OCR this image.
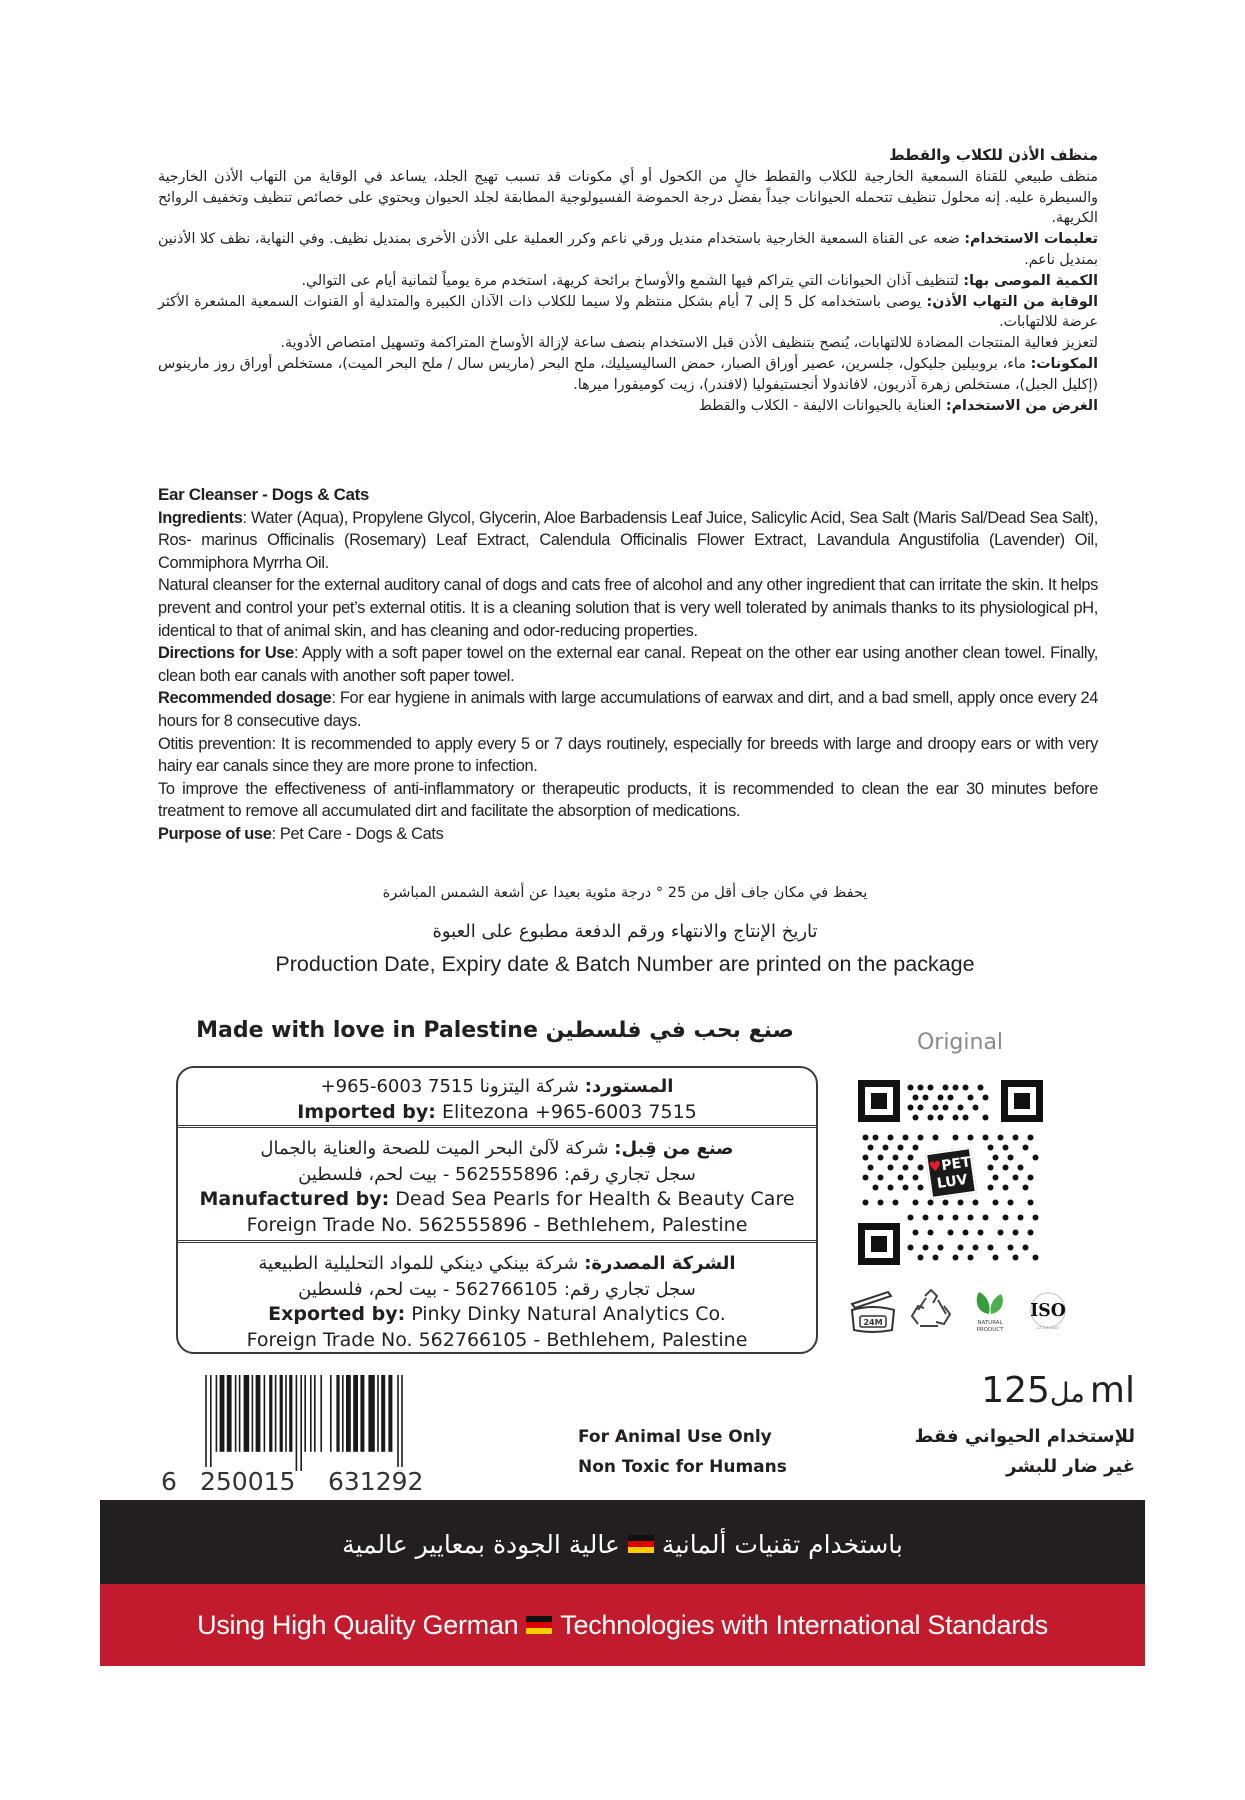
منظف الأذن للكلاب والقطط

منظف طبيعي للقناة السمعية الخارجية للكلاب والقطط خالٍ من الكحول أو أي مكونات قد تسبب تهيج الجلد، يساعد في الوقاية من التهاب الأذن الخارجية والسيطرة عليه. إنه محلول تنظيف تتحمله الحيوانات جيداً بفضل درجة الحموضة الفسيولوجية المطابقة لجلد الحيوان ويحتوي على خصائص تنظيف وتخفيف الروائح الكريهة.

تعليمات الاستخدام: ضعه عى القناة السمعية الخارجية باستخدام منديل ورقي ناعم وكرر العملية على الأذن الأخرى بمنديل نظيف. وفي النهاية، نظف كلا الأذنين بمنديل ناعم.

الكمية الموصى بها: لتنظيف آذان الحيوانات التي يتراكم فيها الشمع والأوساخ برائحة كريهة، استخدم مرة يومياً لثمانية أيام عى التوالي.

الوقاية من التهاب الأذن: يوصى باستخدامه كل 5 إلى 7 أيام بشكل منتظم ولا سيما للكلاب ذات الآذان الكبيرة والمتدلية أو القنوات السمعية المشعرة الأكثر عرضة للالتهابات.

لتعزيز فعالية المنتجات المضادة للالتهابات، يُنصح بتنظيف الأذن قبل الاستخدام بنصف ساعة لإزالة الأوساخ المتراكمة وتسهيل امتصاص الأدوية.

المكونات: ماء، بروبيلين جليكول، جلسرين، عصير أوراق الصبار، حمض الساليسيليك، ملح البحر (ماريس سال / ملح البحر الميت)، مستخلص أوراق روز مارينوس (إكليل الجبل)، مستخلص زهرة آذريون، لافاندولا أنجستيفوليا (لافندر)، زيت كوميفورا ميرها.

الغرض من الاستخدام: العناية بالحيوانات الاليفة - الكلاب والقطط

Ear Cleanser - Dogs & Cats

Ingredients: Water (Aqua), Propylene Glycol, Glycerin, Aloe Barbadensis Leaf Juice, Salicylic Acid, Sea Salt (Maris Sal/Dead Sea Salt), Ros- marinus Officinalis (Rosemary) Leaf Extract, Calendula Officinalis Flower Extract, Lavandula Angustifolia (Lavender) Oil, Commiphora Myrrha Oil.

Natural cleanser for the external auditory canal of dogs and cats free of alcohol and any other ingredient that can irritate the skin. It helps prevent and control your pet’s external otitis. It is a cleaning solution that is very well tolerated by animals thanks to its physiological pH, identical to that of animal skin, and has cleaning and odor-reducing properties.

Directions for Use: Apply with a soft paper towel on the external ear canal. Repeat on the other ear using another clean towel. Finally, clean both ear canals with another soft paper towel.

Recommended dosage: For ear hygiene in animals with large accumulations of earwax and dirt, and a bad smell, apply once every 24 hours for 8 consecutive days.

Otitis prevention: It is recommended to apply every 5 or 7 days routinely, especially for breeds with large and droopy ears or with very hairy ear canals since they are more prone to infection.

To improve the effectiveness of anti-inflammatory or therapeutic products, it is recommended to clean the ear 30 minutes before treatment to remove all accumulated dirt and facilitate the absorption of medications.

Purpose of use: Pet Care - Dogs & Cats

يحفظ في مكان جاف أقل من 25 ° درجة مئوية بعيدا عن أشعة الشمس المباشرة
تاريخ الإنتاج والانتهاء ورقم الدفعة مطبوع على العبوة
Production Date, Expiry date & Batch Number are printed on the package
Made with love in Palestine صنع بحب في فلسطين
المستورد: شركة اليتزونا 7515 6003-965+
Imported by: Elitezona +965-6003 7515
صنع من قِبل: شركة لآلئ البحر الميت للصحة والعناية بالجمال
سجل تجاري رقم: 562555896 - بيت لحم، فلسطين
Manufactured by: Dead Sea Pearls for Health & Beauty Care
Foreign Trade No. 562555896 - Bethlehem, Palestine
الشركة المصدرة: شركة بينكي دينكي للمواد التحليلية الطبيعية
سجل تجاري رقم: 562766105 - بيت لحم، فلسطين
Exported by: Pinky Dinky Natural Analytics Co.
Foreign Trade No. 562766105 - Bethlehem, Palestine
Original
♥PET
LUV
24M	NATURAL
PRODUCT
ISO
22716:2007
6 250015 631292
For Animal Use Only
Non Toxic for Humans
مل125 ml
للإستخدام الحيواني فقط
غير ضار للبشر
باستخدام تقنيات ألمانية
عالية الجودة بمعايير عالمية
Using High Quality German Technologies with International Standards
